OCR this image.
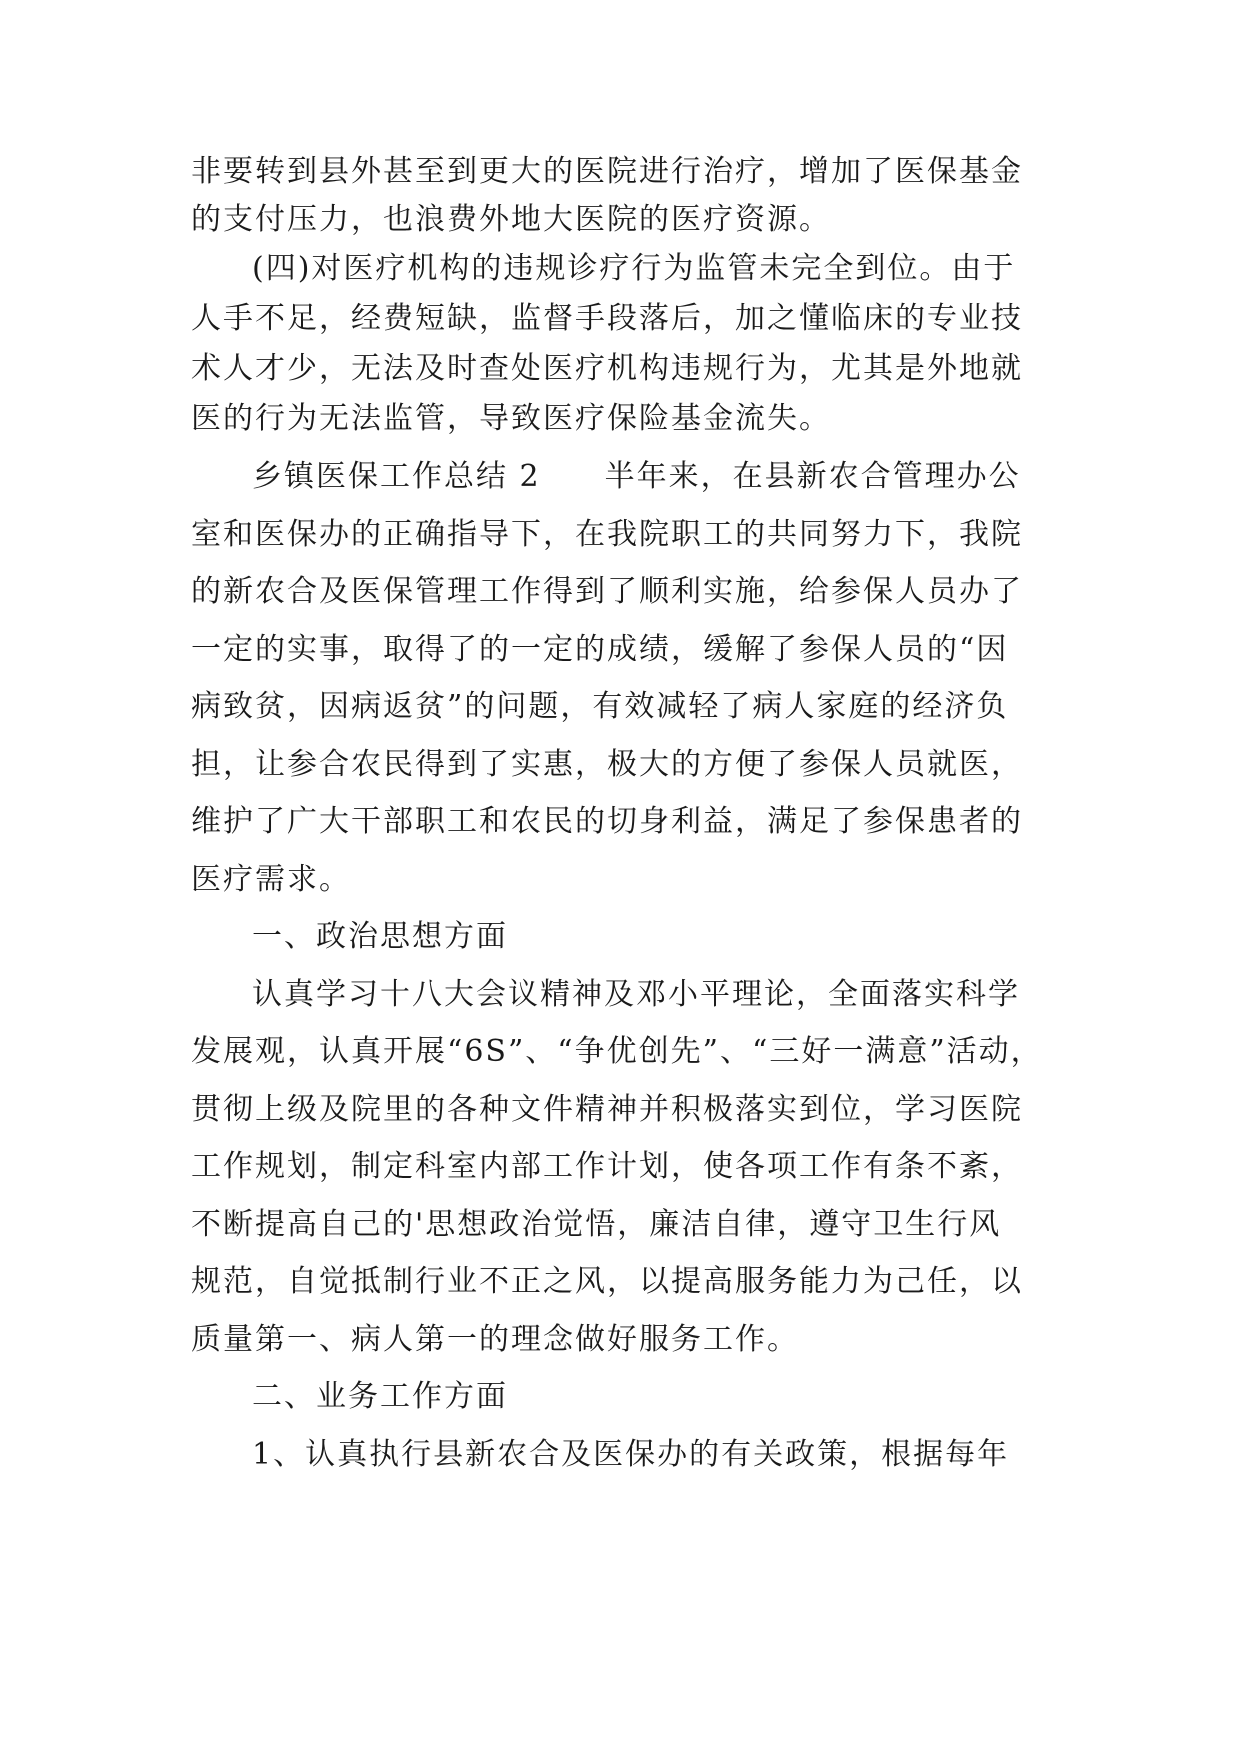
非要转到县外甚至到更大的医院进行治疗，增加了医保基金
的支付压力，也浪费外地大医院的医疗资源。
(四)对医疗机构的违规诊疗行为监管未完全到位。由于
人手不足，经费短缺，监督手段落后，加之懂临床的专业技
术人才少，无法及时查处医疗机构违规行为，尤其是外地就
医的行为无法监管，导致医疗保险基金流失。
乡镇医保工作总结 2　　半年来，在县新农合管理办公
室和医保办的正确指导下，在我院职工的共同努力下，我院
的新农合及医保管理工作得到了顺利实施，给参保人员办了
一定的实事，取得了的一定的成绩，缓解了参保人员的“因
病致贫，因病返贫”的问题，有效减轻了病人家庭的经济负
担，让参合农民得到了实惠，极大的方便了参保人员就医，
维护了广大干部职工和农民的切身利益，满足了参保患者的
医疗需求。
一、政治思想方面
认真学习十八大会议精神及邓小平理论，全面落实科学
发展观，认真开展“6S”、“争优创先”、“三好一满意”活动，
贯彻上级及院里的各种文件精神并积极落实到位，学习医院
工作规划，制定科室内部工作计划，使各项工作有条不紊，
不断提高自己的'思想政治觉悟，廉洁自律，遵守卫生行风
规范，自觉抵制行业不正之风，以提高服务能力为己任，以
质量第一、病人第一的理念做好服务工作。
二、业务工作方面
1、认真执行县新农合及医保办的有关政策，根据每年
